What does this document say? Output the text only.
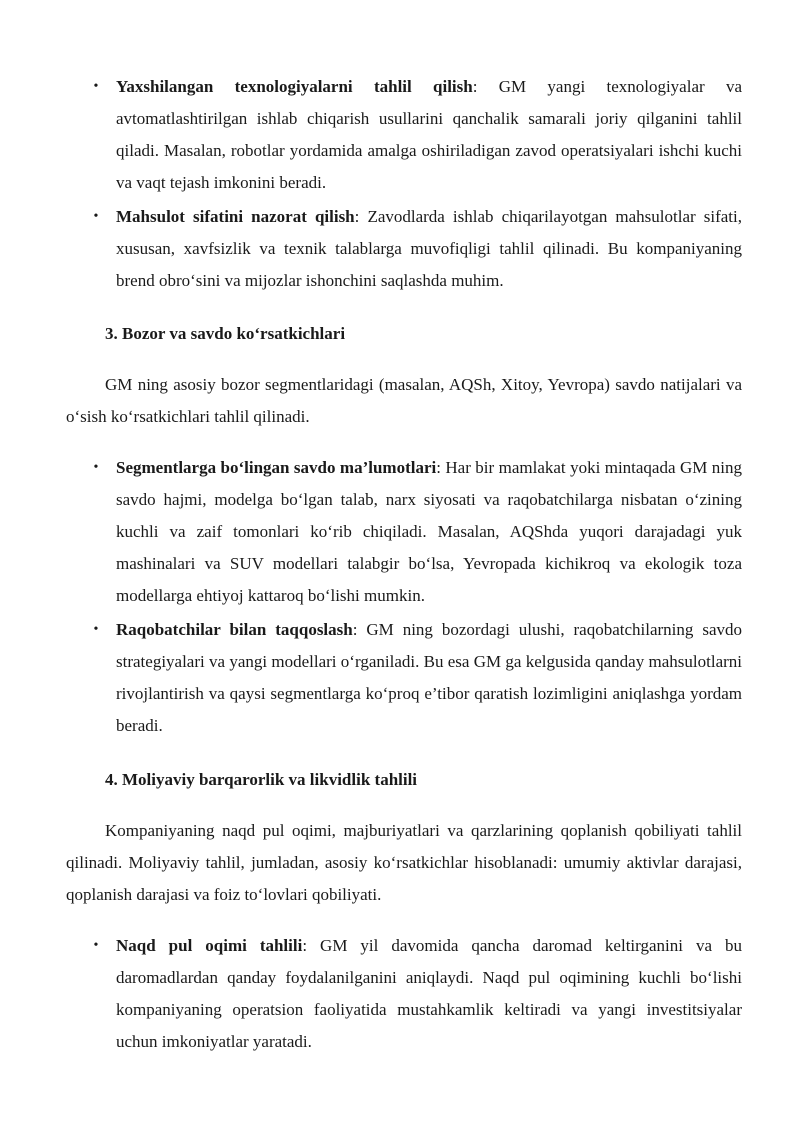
• Yaxshilangan texnologiyalarni tahlil qilish: GM yangi texnologiyalar va avtomatlashtirilgan ishlab chiqarish usullarini qanchalik samarali joriy qilganini tahlil qiladi. Masalan, robotlar yordamida amalga oshiriladigan zavod operatsiyalari ishchi kuchi va vaqt tejash imkonini beradi.
• Mahsulot sifatini nazorat qilish: Zavodlarda ishlab chiqarilayotgan mahsulotlar sifati, xususan, xavfsizlik va texnik talablarga muvofiqligi tahlil qilinadi. Bu kompaniyaning brend obro‘sini va mijozlar ishonchini saqlashda muhim.
3. Bozor va savdo ko‘rsatkichlari

GM ning asosiy bozor segmentlaridagi (masalan, AQSh, Xitoy, Yevropa) savdo natijalari va o‘sish ko‘rsatkichlari tahlil qilinadi.

• Segmentlarga bo‘lingan savdo ma’lumotlari: Har bir mamlakat yoki mintaqada GM ning savdo hajmi, modelga bo‘lgan talab, narx siyosati va raqobatchilarga nisbatan o‘zining kuchli va zaif tomonlari ko‘rib chiqiladi. Masalan, AQShda yuqori darajadagi yuk mashinalari va SUV modellari talabgir bo‘lsa, Yevropada kichikroq va ekologik toza modellarga ehtiyoj kattaroq bo‘lishi mumkin.
• Raqobatchilar bilan taqqoslash: GM ning bozordagi ulushi, raqobatchilarning savdo strategiyalari va yangi modellari o‘rganiladi. Bu esa GM ga kelgusida qanday mahsulotlarni rivojlantirish va qaysi segmentlarga ko‘proq e’tibor qaratish lozimligini aniqlashga yordam beradi.
4. Moliyaviy barqarorlik va likvidlik tahlili

Kompaniyaning naqd pul oqimi, majburiyatlari va qarzlarining qoplanish qobiliyati tahlil qilinadi. Moliyaviy tahlil, jumladan, asosiy ko‘rsatkichlar hisoblanadi: umumiy aktivlar darajasi, qoplanish darajasi va foiz to‘lovlari qobiliyati.

• Naqd pul oqimi tahlili: GM yil davomida qancha daromad keltirganini va bu daromadlardan qanday foydalanilganini aniqlaydi. Naqd pul oqimining kuchli bo‘lishi kompaniyaning operatsion faoliyatida mustahkamlik keltiradi va yangi investitsiyalar uchun imkoniyatlar yaratadi.
